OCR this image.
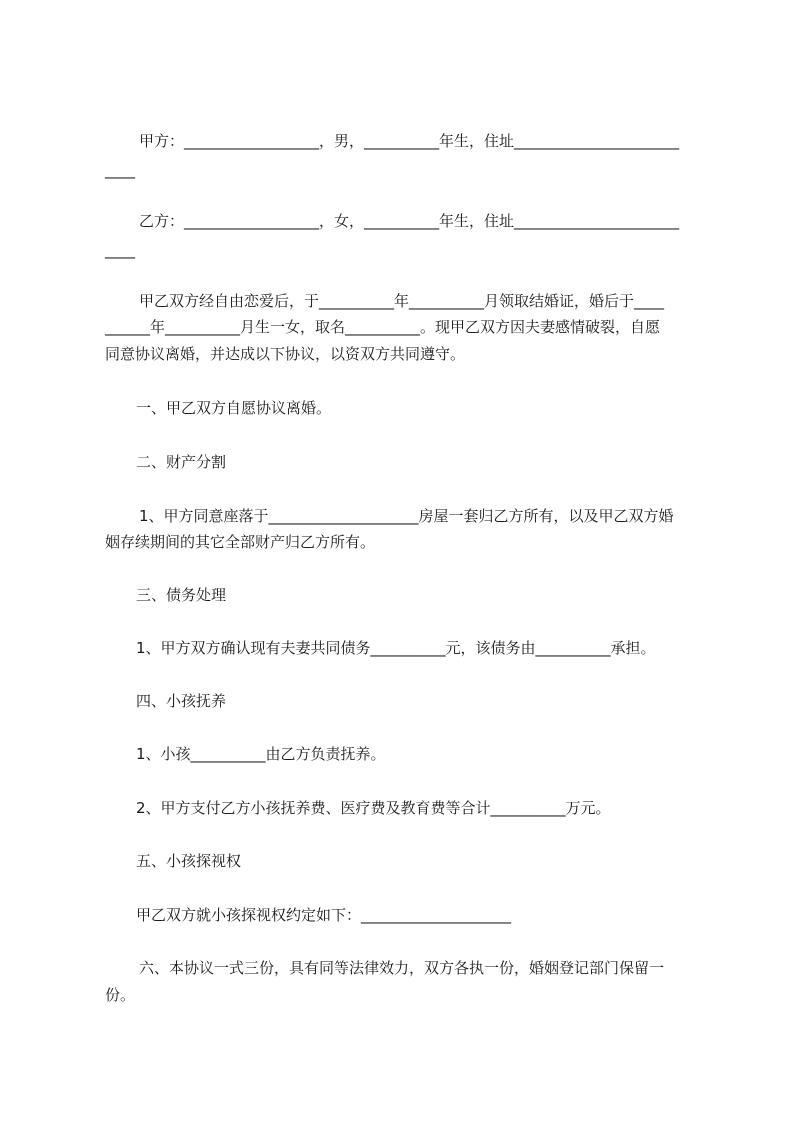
甲方：__________________，男，__________年生，住址______________________

____

乙方：__________________，女，__________年生，住址______________________

____

甲乙双方经自由恋爱后，于__________年__________月领取结婚证，婚后于____

______年__________月生一女，取名__________。现甲乙双方因夫妻感情破裂，自愿

同意协议离婚，并达成以下协议，以资双方共同遵守。

一、甲乙双方自愿协议离婚。

二、财产分割

1、甲方同意座落于____________________房屋一套归乙方所有，以及甲乙双方婚

姻存续期间的其它全部财产归乙方所有。

三、债务处理

1、甲方双方确认现有夫妻共同债务__________元，该债务由__________承担。

四、小孩抚养

1、小孩__________由乙方负责抚养。

2、甲方支付乙方小孩抚养费、医疗费及教育费等合计__________万元。

五、小孩探视权

甲乙双方就小孩探视权约定如下：____________________

六、本协议一式三份，具有同等法律效力，双方各执一份，婚姻登记部门保留一

份。
